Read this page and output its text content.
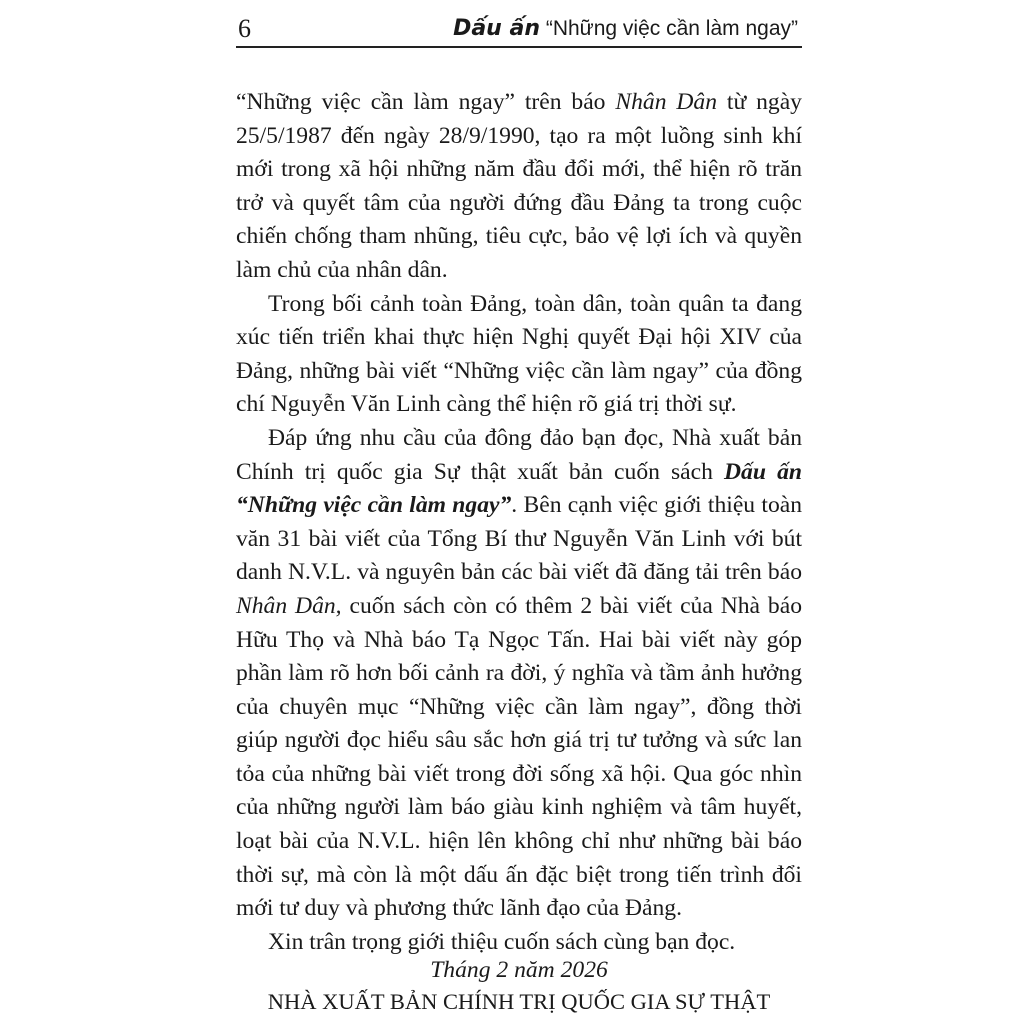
6	Dấu ấn “Những việc cần làm ngay”

“Những việc cần làm ngay” trên báo Nhân Dân từ ngày 25/5/1987 đến ngày 28/9/1990, tạo ra một luồng sinh khí mới trong xã hội những năm đầu đổi mới, thể hiện rõ trăn trở và quyết tâm của người đứng đầu Đảng ta trong cuộc chiến chống tham nhũng, tiêu cực, bảo vệ lợi ích và quyền làm chủ của nhân dân.

Trong bối cảnh toàn Đảng, toàn dân, toàn quân ta đang xúc tiến triển khai thực hiện Nghị quyết Đại hội XIV của Đảng, những bài viết “Những việc cần làm ngay” của đồng chí Nguyễn Văn Linh càng thể hiện rõ giá trị thời sự.

Đáp ứng nhu cầu của đông đảo bạn đọc, Nhà xuất bản Chính trị quốc gia Sự thật xuất bản cuốn sách Dấu ấn “Những việc cần làm ngay”. Bên cạnh việc giới thiệu toàn văn 31 bài viết của Tổng Bí thư Nguyễn Văn Linh với bút danh N.V.L. và nguyên bản các bài viết đã đăng tải trên báo Nhân Dân, cuốn sách còn có thêm 2 bài viết của Nhà báo Hữu Thọ và Nhà báo Tạ Ngọc Tấn. Hai bài viết này góp phần làm rõ hơn bối cảnh ra đời, ý nghĩa và tầm ảnh hưởng của chuyên mục “Những việc cần làm ngay”, đồng thời giúp người đọc hiểu sâu sắc hơn giá trị tư tưởng và sức lan tỏa của những bài viết trong đời sống xã hội. Qua góc nhìn của những người làm báo giàu kinh nghiệm và tâm huyết, loạt bài của N.V.L. hiện lên không chỉ như những bài báo thời sự, mà còn là một dấu ấn đặc biệt trong tiến trình đổi mới tư duy và phương thức lãnh đạo của Đảng.

Xin trân trọng giới thiệu cuốn sách cùng bạn đọc.

Tháng 2 năm 2026
NHÀ XUẤT BẢN CHÍNH TRỊ QUỐC GIA SỰ THẬT
